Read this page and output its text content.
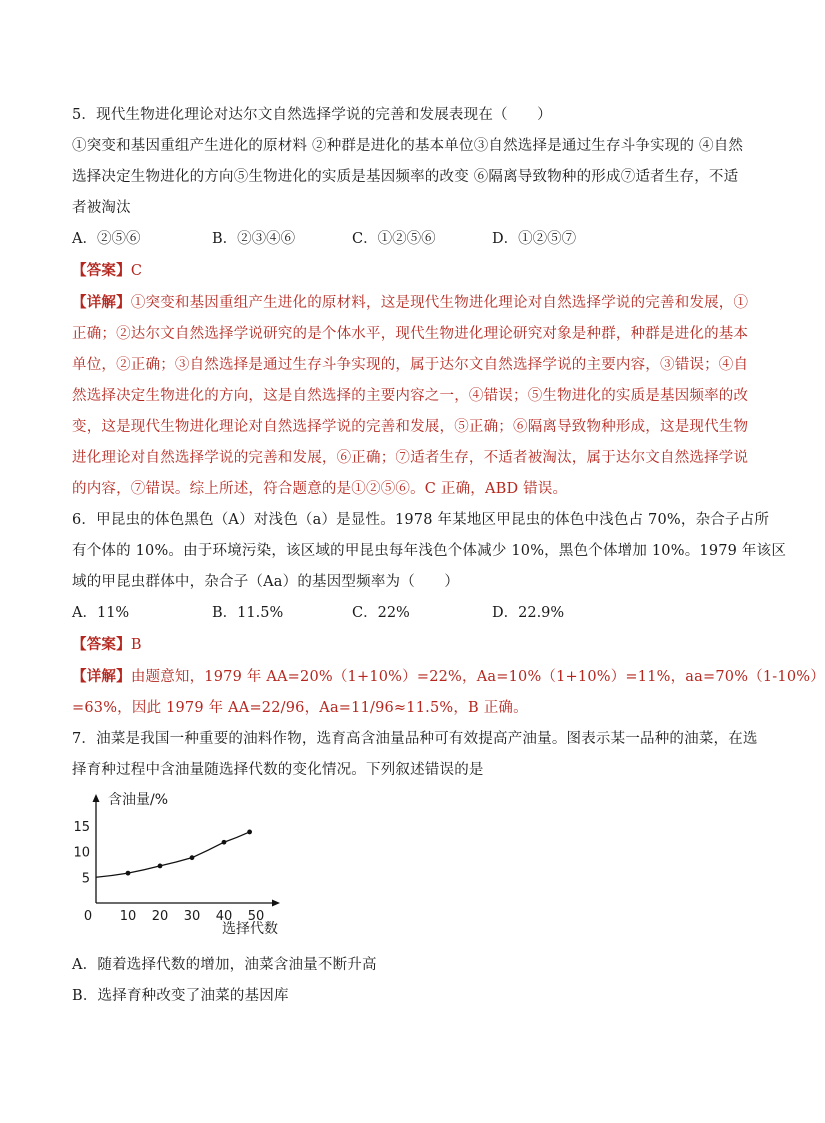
5．现代生物进化理论对达尔文自然选择学说的完善和发展表现在（　　）
①突变和基因重组产生进化的原材料 ②种群是进化的基本单位③自然选择是通过生存斗争实现的 ④自然
选择决定生物进化的方向⑤生物进化的实质是基因频率的改变 ⑥隔离导致物种的形成⑦适者生存，不适
者被淘汰
A．②⑤⑥	B．②③④⑥	C．①②⑤⑥	D．①②⑤⑦
【答案】C
【详解】①突变和基因重组产生进化的原材料，这是现代生物进化理论对自然选择学说的完善和发展，①
正确；②达尔文自然选择学说研究的是个体水平，现代生物进化理论研究对象是种群，种群是进化的基本
单位，②正确；③自然选择是通过生存斗争实现的，属于达尔文自然选择学说的主要内容，③错误；④自
然选择决定生物进化的方向，这是自然选择的主要内容之一，④错误；⑤生物进化的实质是基因频率的改
变，这是现代生物进化理论对自然选择学说的完善和发展，⑤正确；⑥隔离导致物种形成，这是现代生物
进化理论对自然选择学说的完善和发展，⑥正确；⑦适者生存，不适者被淘汰，属于达尔文自然选择学说
的内容，⑦错误。综上所述，符合题意的是①②⑤⑥。C 正确，ABD 错误。
6．甲昆虫的体色黑色（A）对浅色（a）是显性。1978 年某地区甲昆虫的体色中浅色占 70%，杂合子占所
有个体的 10%。由于环境污染，该区域的甲昆虫每年浅色个体减少 10%，黑色个体增加 10%。1979 年该区
域的甲昆虫群体中，杂合子（Aa）的基因型频率为（　　）
A．11%	B．11.5%	C．22%	D．22.9%
【答案】B
【详解】由题意知，1979 年 AA=20%（1+10%）=22%，Aa=10%（1+10%）=11%，aa=70%（1-10%）
=63%，因此 1979 年 AA=22/96，Aa=11/96≈11.5%，B 正确。
7．油菜是我国一种重要的油料作物，选育高含油量品种可有效提高产油量。图表示某一品种的油菜，在选
择育种过程中含油量随选择代数的变化情况。下列叙述错误的是
0 10 20 30 40 50
5
10
15
含油量/%
选择代数
A．随着选择代数的增加，油菜含油量不断升高
B．选择育种改变了油菜的基因库
